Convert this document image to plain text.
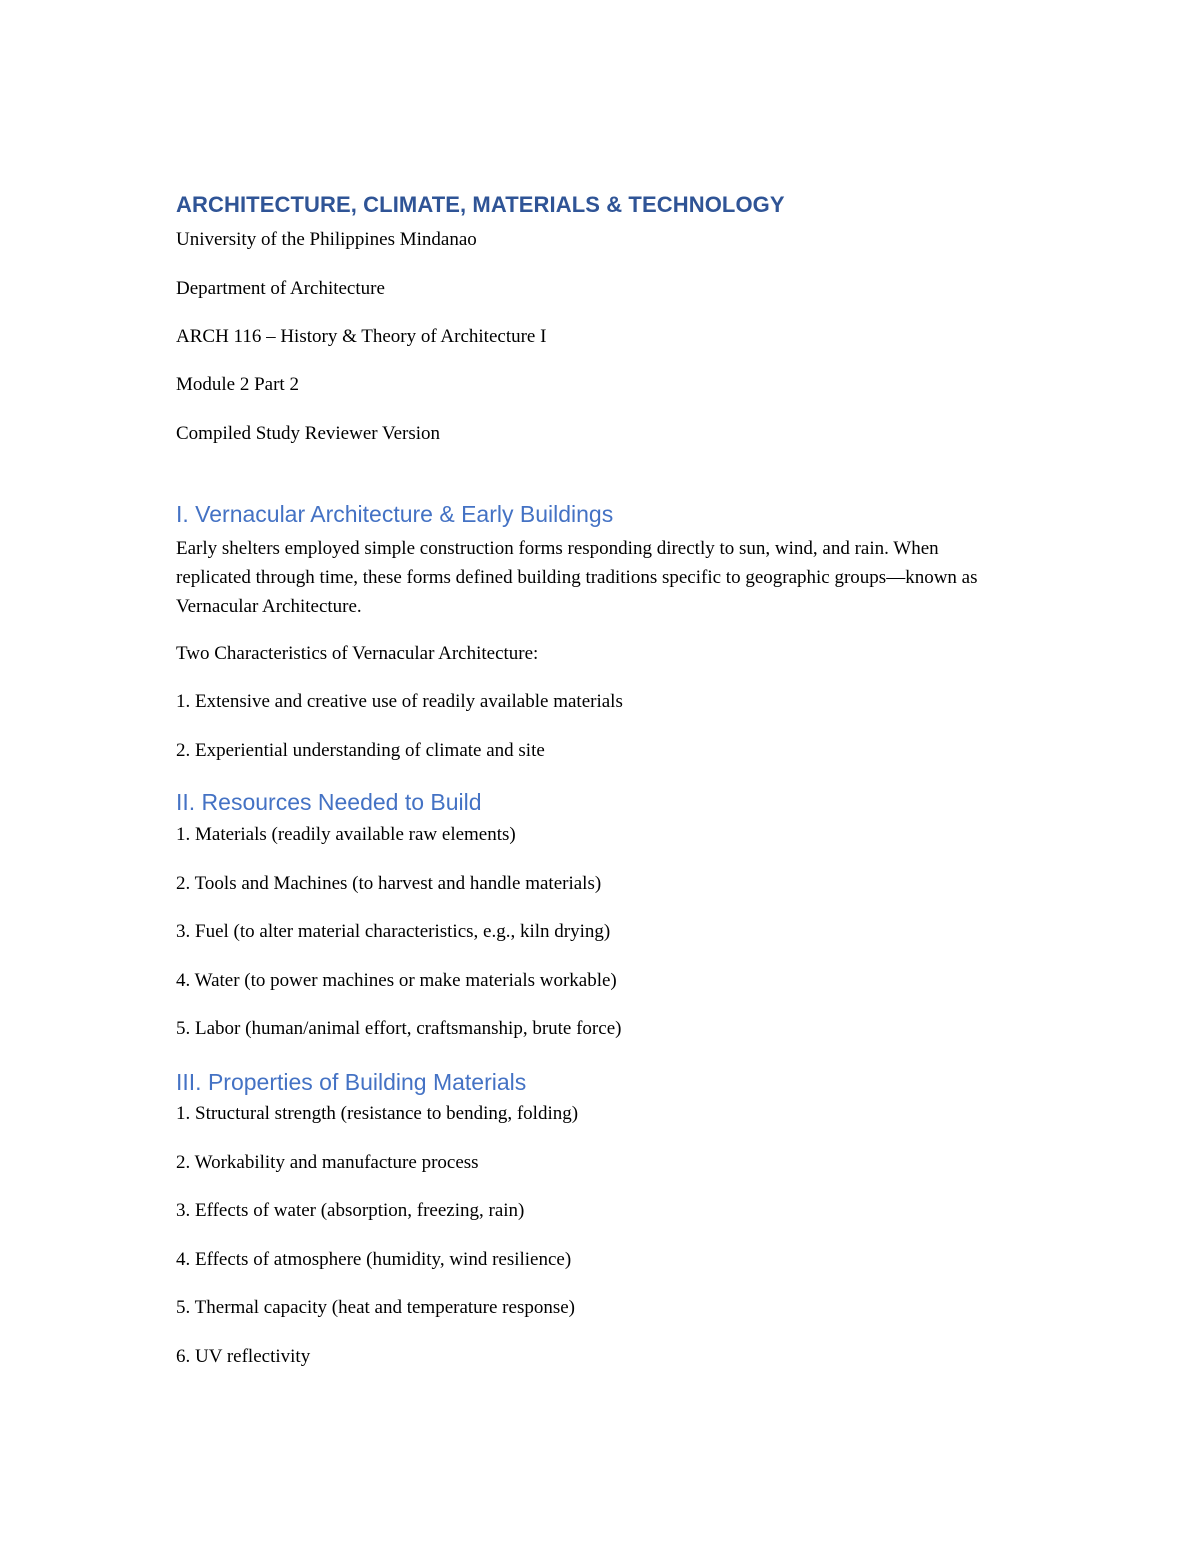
ARCHITECTURE, CLIMATE, MATERIALS & TECHNOLOGY
University of the Philippines Mindanao
Department of Architecture
ARCH 116 – History & Theory of Architecture I
Module 2 Part 2
Compiled Study Reviewer Version
I. Vernacular Architecture & Early Buildings

Early shelters employed simple construction forms responding directly to sun, wind, and rain. When replicated through time, these forms defined building traditions specific to geographic groups—known as Vernacular Architecture.

Two Characteristics of Vernacular Architecture:
1. Extensive and creative use of readily available materials
2. Experiential understanding of climate and site
II. Resources Needed to Build
1. Materials (readily available raw elements)
2. Tools and Machines (to harvest and handle materials)
3. Fuel (to alter material characteristics, e.g., kiln drying)
4. Water (to power machines or make materials workable)
5. Labor (human/animal effort, craftsmanship, brute force)
III. Properties of Building Materials
1. Structural strength (resistance to bending, folding)
2. Workability and manufacture process
3. Effects of water (absorption, freezing, rain)
4. Effects of atmosphere (humidity, wind resilience)
5. Thermal capacity (heat and temperature response)
6. UV reflectivity
